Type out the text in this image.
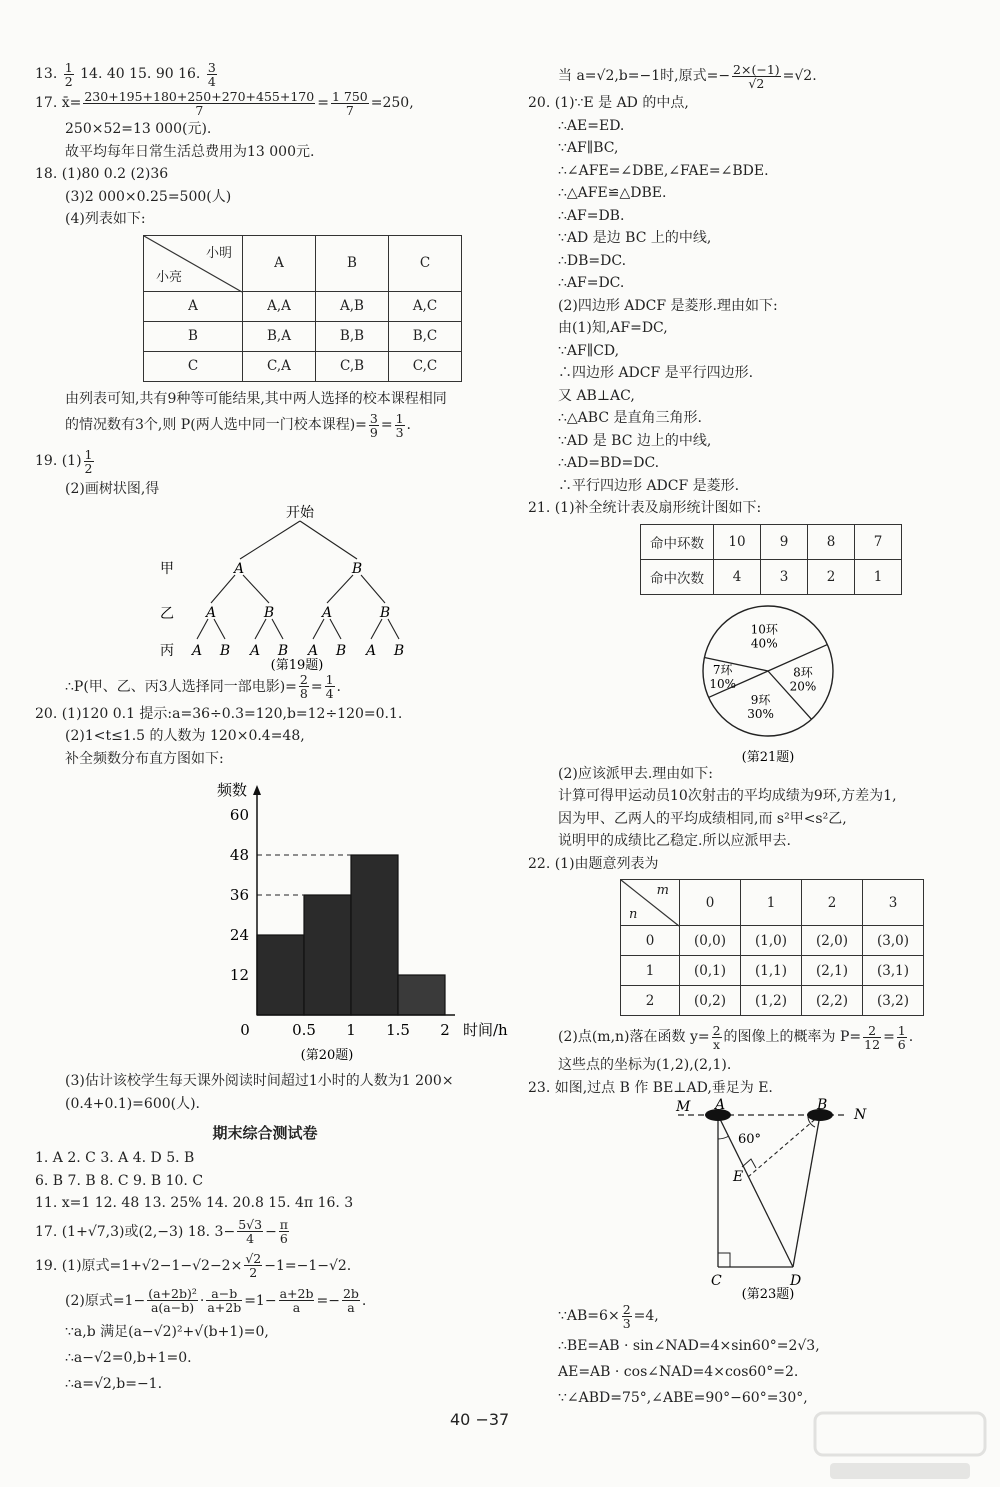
13. $\frac{1}{2} 14$. 40 15. 90 16. $\frac{3}{4}$
17. x̄= $\frac{230+195+180+250+270+455+170}{7} = \frac{1 750}{7} =250$,
250×52=13 000(元).
故平均每年日常生活总费用为13 000元.
18. (1)80 0.2 (2)36
(3)2 000×0.25=500(人)
(4)列表如下:
小明
小亮	A	B	C
A	A,A	A,B	A,C
B	B,A	B,B	B,C
C	C,A	C,B	C,C
由列表可知,共有9种等可能结果,其中两人选择的校本课程相同
的情况数有3个,则 P(两人选中同一门校本课程)= $\frac{3}{9} = \frac{1}{3}$ .
19. $(1) \frac{1}{2}$
(2)画树状图,得
开始
甲
乙
丙
A	B
A	B	A	B
A B A B A B A B
(第19题)
∴P(甲、乙、丙3人选择同一部电影)= $\frac{2}{8} = \frac{1}{4}$ .
20. (1)120 0.1 提示:a=36÷0.3=120,b=12÷120=0.1.
(2)1<t≤1.5 的人数为 120×0.4=48,
补全频数分布直方图如下:
频数
时间/h
(第20题)
12
24
36
48
60
0	0.5 1 1.5 2
(3)估计该校学生每天课外阅读时间超过1小时的人数为1 200×
(0.4+0.1)=600(人).
期末综合测试卷
1. A 2. C 3. A 4. D 5. B
6. B 7. B 8. C 9. B 10. C
11. x=1 12. 48 13. 25% 14. 20.8 15. 4π 16. 3
17. (1+√7,3)或(2,−3) 18. $3- \frac{5√3}{4} - \frac{\pi}{6}$
19. (1)原式$=1+√2-1-√2-2\times \frac{√2}{2} -1=-1-√2$.
(2)原式$=1- \frac{\text{(a+2b)²}}{a(a-b)} \cdot \frac{a-b}{a+2b} =1- \frac{a+2b}{a} =- \frac{2b}{a}$ .
∵a,b 满足(a−√2)²+√(b+1)=0,
∴a−√2=0,b+1=0.
∴a=√2,b=−1.
当 a=√2,b=−1时,原式=− $\frac{2\times(-1)}{√2} =√2$.
20. (1)∵E 是 AD 的中点,
∴AE=ED.
∵AF∥BC,
∴∠AFE=∠DBE,∠FAE=∠BDE.
∴△AFE≌△DBE.
∴AF=DB.
∵AD 是边 BC 上的中线,
∴DB=DC.
∴AF=DC.
(2)四边形 ADCF 是菱形.理由如下:
由(1)知,AF=DC,
∵AF∥CD,
∴四边形 ADCF 是平行四边形.
又 AB⊥AC,
∴△ABC 是直角三角形.
∵AD 是 BC 边上的中线,
∴AD=BD=DC.
∴平行四边形 ADCF 是菱形.
21. (1)补全统计表及扇形统计图如下:
命中环数	10	9	8	7
命中次数	4	3	2	1
(第21题)
10环
40%
8环
20%
9环
30%
7环
10%
(2)应该派甲去.理由如下:
计算可得甲运动员10次射击的平均成绩为9环,方差为1,
因为甲、乙两人的平均成绩相同,而 s²甲<s²乙,
说明甲的成绩比乙稳定.所以应派甲去.
22. (1)由题意列表为
m
n	0	1	2	3
0	(0,0)	(1,0)	(2,0)	(3,0)
1	(0,1)	(1,1)	(2,1)	(3,1)
2	(0,2)	(1,2)	(2,2)	(3,2)
(2)点(m,n)落在函数 $y= \frac{2}{x}$ 的图像上的概率为 $P= \frac{2}{12} = \frac{1}{6}$ .
这些点的坐标为(1,2),(2,1).
23. 如图,过点 B 作 BE⊥AD,垂足为 E.
M A	B
N
E
C	D
60°
(第23题)
∵AB=6× $\frac{2}{3} =4$,
∴BE=AB · sin∠NAD=4×sin60°=2√3,
AE=AB · cos∠NAD=4×cos60°=2.
∵∠ABD=75°,∠ABE=90°−60°=30°,
40 −37
